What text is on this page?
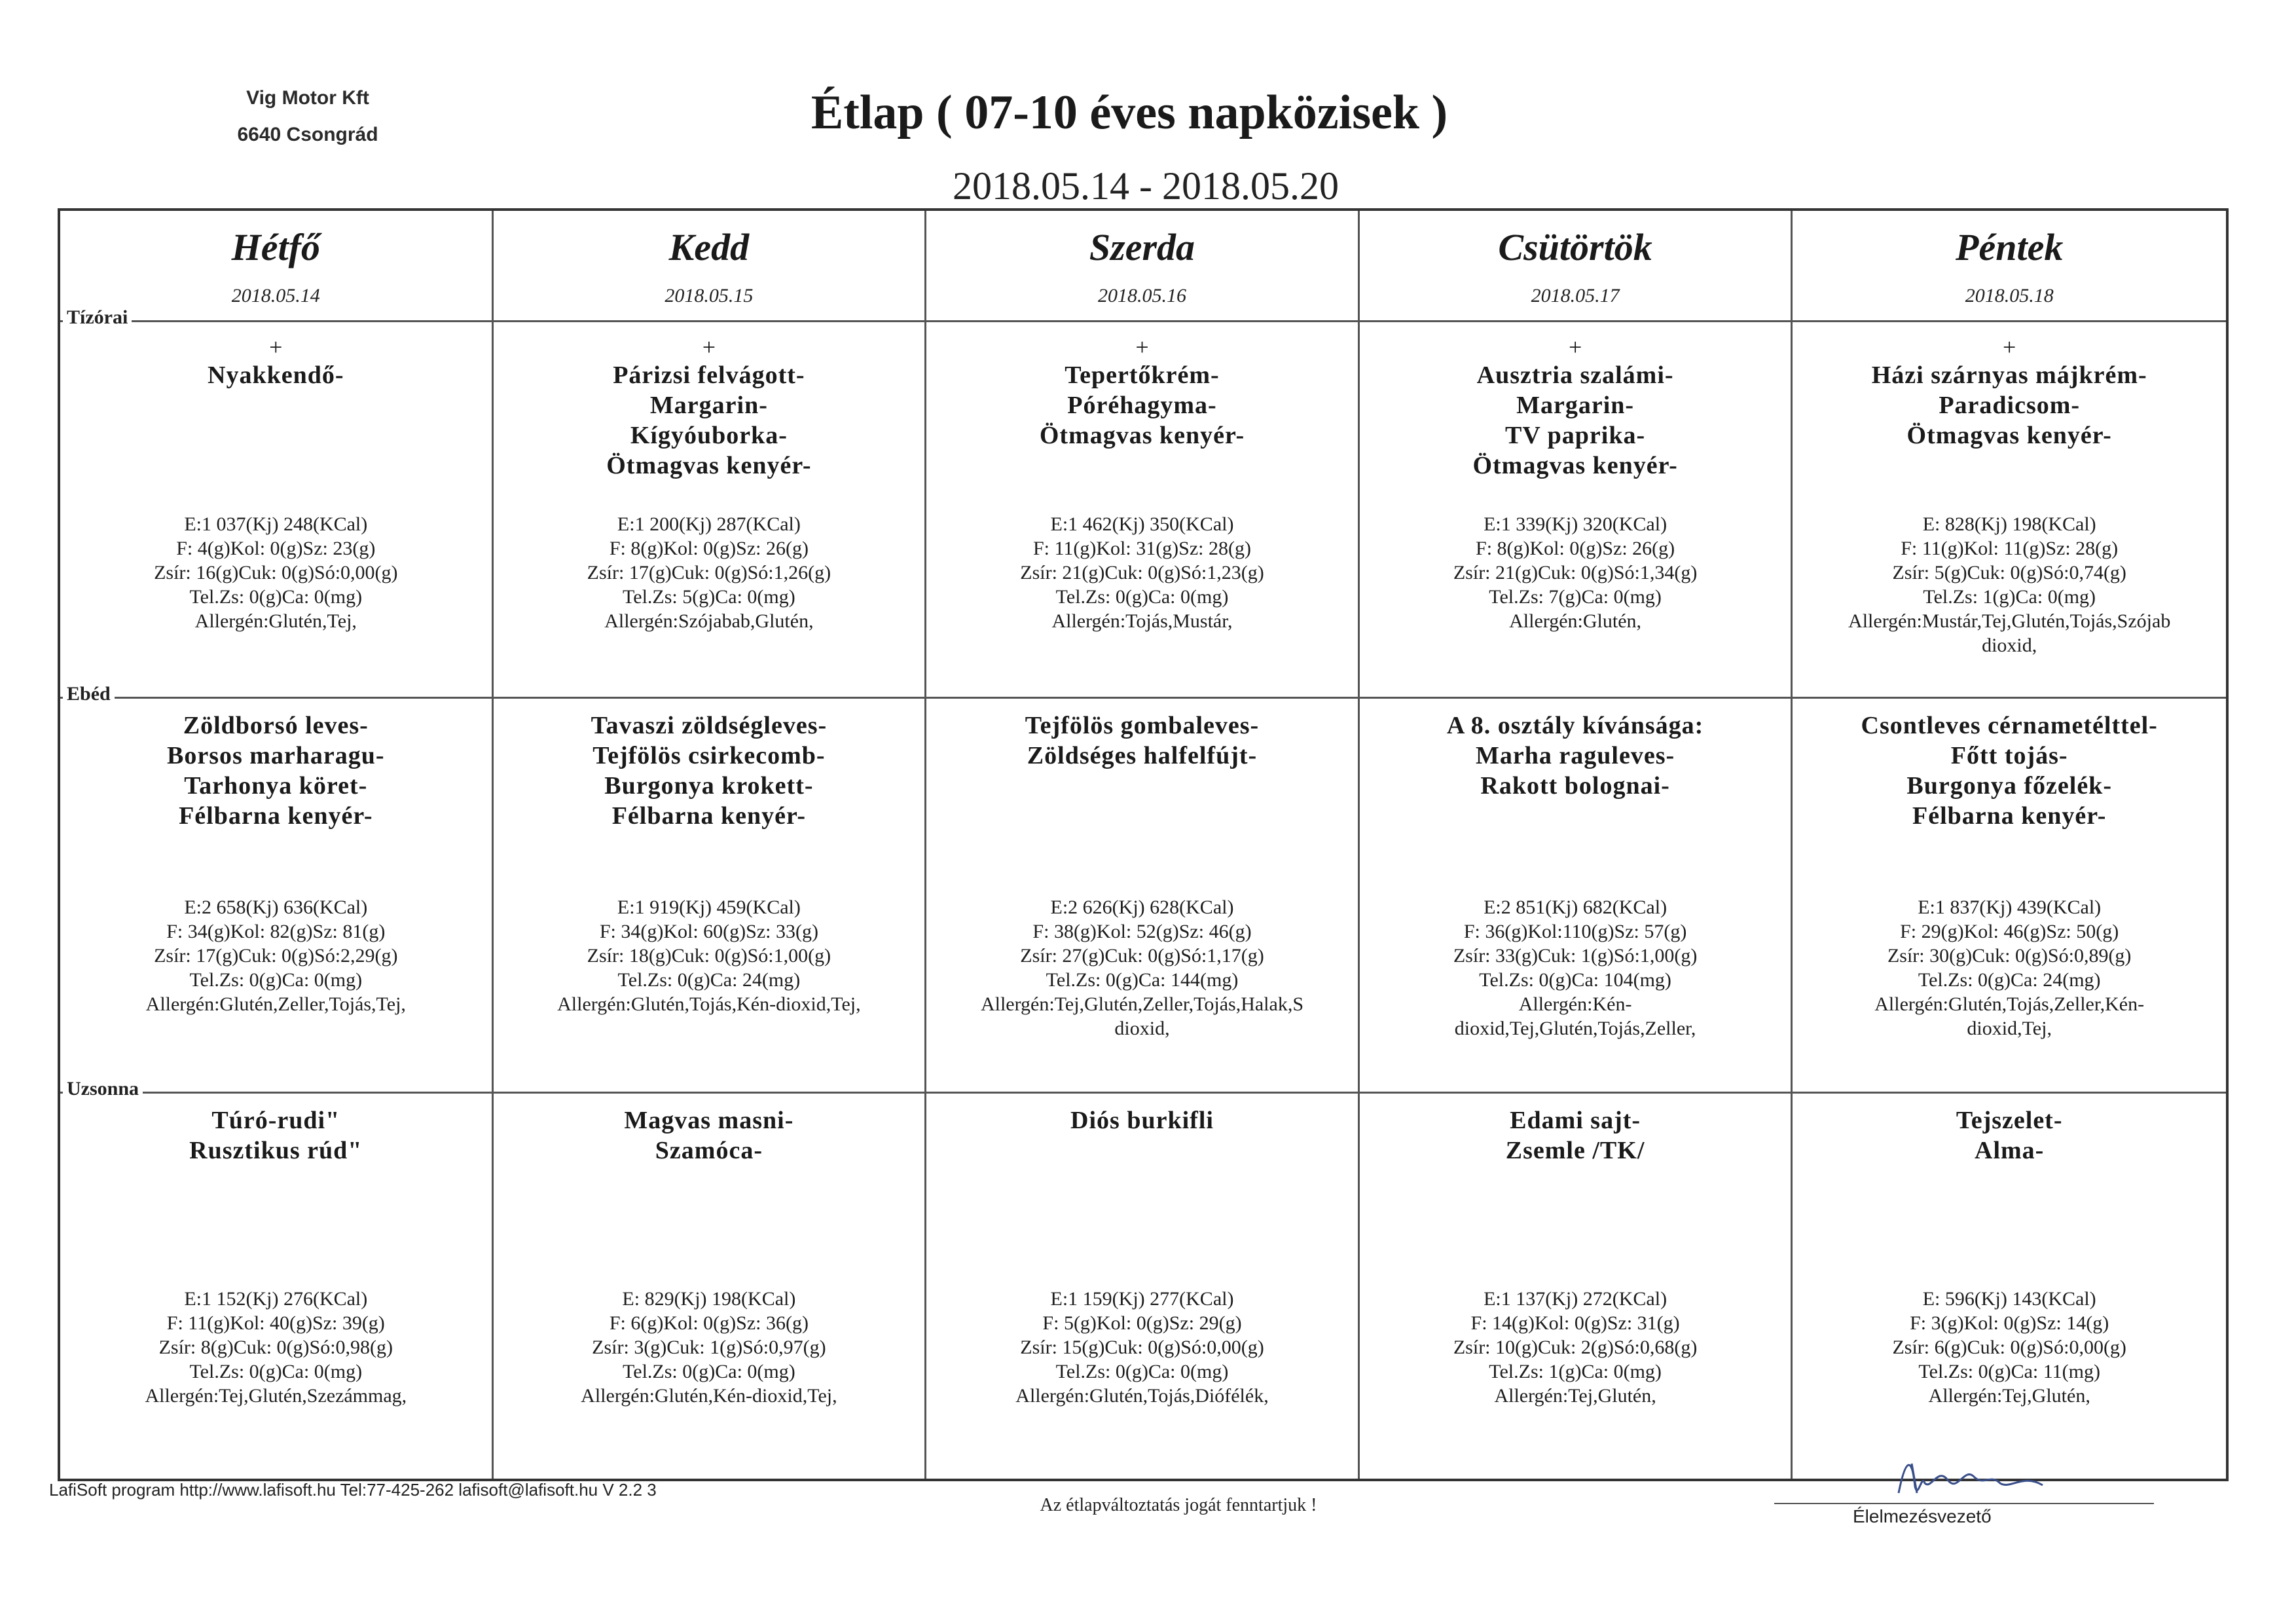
Vig Motor Kft
6640 Csongrád	Étlap ( 07-10 éves napközisek )
2018.05.14 - 2018.05.20
Hétfő
2018.05.14
Kedd
2018.05.15
Szerda
2018.05.16
Csütörtök
2018.05.17
Péntek
2018.05.18
+
Nyakkendő-
E:1 037(Kj) 248(KCal)
F: 4(g)Kol: 0(g)Sz: 23(g)
Zsír: 16(g)Cuk: 0(g)Só:0,00(g)
Tel.Zs: 0(g)Ca: 0(mg)
Allergén:Glutén,Tej,
+
Párizsi felvágott-
Margarin-
Kígyóuborka-
Ötmagvas kenyér-
E:1 200(Kj) 287(KCal)
F: 8(g)Kol: 0(g)Sz: 26(g)
Zsír: 17(g)Cuk: 0(g)Só:1,26(g)
Tel.Zs: 5(g)Ca: 0(mg)
Allergén:Szójabab,Glutén,
+
Tepertőkrém-
Póréhagyma-
Ötmagvas kenyér-
E:1 462(Kj) 350(KCal)
F: 11(g)Kol: 31(g)Sz: 28(g)
Zsír: 21(g)Cuk: 0(g)Só:1,23(g)
Tel.Zs: 0(g)Ca: 0(mg)
Allergén:Tojás,Mustár,
+
Ausztria szalámi-
Margarin-
TV paprika-
Ötmagvas kenyér-
E:1 339(Kj) 320(KCal)
F: 8(g)Kol: 0(g)Sz: 26(g)
Zsír: 21(g)Cuk: 0(g)Só:1,34(g)
Tel.Zs: 7(g)Ca: 0(mg)
Allergén:Glutén,
+
Házi szárnyas májkrém-
Paradicsom-
Ötmagvas kenyér-
E: 828(Kj) 198(KCal)
F: 11(g)Kol: 11(g)Sz: 28(g)
Zsír: 5(g)Cuk: 0(g)Só:0,74(g)
Tel.Zs: 1(g)Ca: 0(mg)
Allergén:Mustár,Tej,Glutén,Tojás,Szójab
dioxid,
Zöldborsó leves-
Borsos marharagu-
Tarhonya köret-
Félbarna kenyér-
E:2 658(Kj) 636(KCal)
F: 34(g)Kol: 82(g)Sz: 81(g)
Zsír: 17(g)Cuk: 0(g)Só:2,29(g)
Tel.Zs: 0(g)Ca: 0(mg)
Allergén:Glutén,Zeller,Tojás,Tej,
Tavaszi zöldségleves-
Tejfölös csirkecomb-
Burgonya krokett-
Félbarna kenyér-
E:1 919(Kj) 459(KCal)
F: 34(g)Kol: 60(g)Sz: 33(g)
Zsír: 18(g)Cuk: 0(g)Só:1,00(g)
Tel.Zs: 0(g)Ca: 24(mg)
Allergén:Glutén,Tojás,Kén-dioxid,Tej,
Tejfölös gombaleves-
Zöldséges halfelfújt-
E:2 626(Kj) 628(KCal)
F: 38(g)Kol: 52(g)Sz: 46(g)
Zsír: 27(g)Cuk: 0(g)Só:1,17(g)
Tel.Zs: 0(g)Ca: 144(mg)
Allergén:Tej,Glutén,Zeller,Tojás,Halak,S
dioxid,
A 8. osztály kívánsága:
Marha raguleves-
Rakott bolognai-
E:2 851(Kj) 682(KCal)
F: 36(g)Kol:110(g)Sz: 57(g)
Zsír: 33(g)Cuk: 1(g)Só:1,00(g)
Tel.Zs: 0(g)Ca: 104(mg)
Allergén:Kén-
dioxid,Tej,Glutén,Tojás,Zeller,
Csontleves cérnametélttel-
Főtt tojás-
Burgonya főzelék-
Félbarna kenyér-
E:1 837(Kj) 439(KCal)
F: 29(g)Kol: 46(g)Sz: 50(g)
Zsír: 30(g)Cuk: 0(g)Só:0,89(g)
Tel.Zs: 0(g)Ca: 24(mg)
Allergén:Glutén,Tojás,Zeller,Kén-
dioxid,Tej,
Túró-rudi"
Rusztikus rúd"
E:1 152(Kj) 276(KCal)
F: 11(g)Kol: 40(g)Sz: 39(g)
Zsír: 8(g)Cuk: 0(g)Só:0,98(g)
Tel.Zs: 0(g)Ca: 0(mg)
Allergén:Tej,Glutén,Szezámmag,
Magvas masni-
Szamóca-
E: 829(Kj) 198(KCal)
F: 6(g)Kol: 0(g)Sz: 36(g)
Zsír: 3(g)Cuk: 1(g)Só:0,97(g)
Tel.Zs: 0(g)Ca: 0(mg)
Allergén:Glutén,Kén-dioxid,Tej,
Diós burkifli
E:1 159(Kj) 277(KCal)
F: 5(g)Kol: 0(g)Sz: 29(g)
Zsír: 15(g)Cuk: 0(g)Só:0,00(g)
Tel.Zs: 0(g)Ca: 0(mg)
Allergén:Glutén,Tojás,Diófélék,
Edami sajt-
Zsemle /TK/
E:1 137(Kj) 272(KCal)
F: 14(g)Kol: 0(g)Sz: 31(g)
Zsír: 10(g)Cuk: 2(g)Só:0,68(g)
Tel.Zs: 1(g)Ca: 0(mg)
Allergén:Tej,Glutén,
Tejszelet-
Alma-
E: 596(Kj) 143(KCal)
F: 3(g)Kol: 0(g)Sz: 14(g)
Zsír: 6(g)Cuk: 0(g)Só:0,00(g)
Tel.Zs: 0(g)Ca: 11(mg)
Allergén:Tej,Glutén,
Tízórai
Ebéd
Uzsonna
LafiSoft program http://www.lafisoft.hu Tel:77-425-262 lafisoft@lafisoft.hu V 2.2 3
Az étlapváltoztatás jogát fenntartjuk !
Élelmezésvezető
